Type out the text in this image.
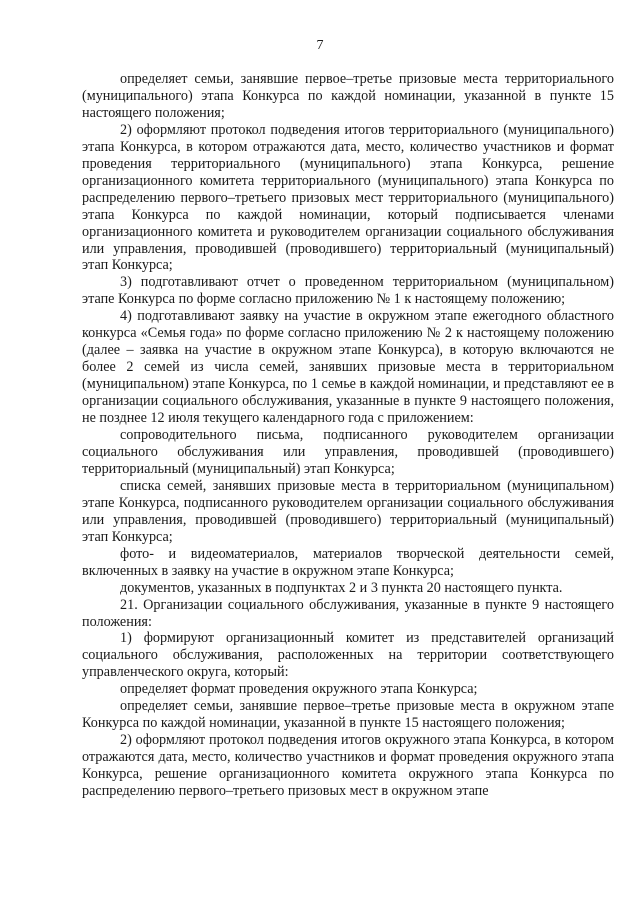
7

определяет семьи, занявшие первое–третье призовые места территориального (муниципального) этапа Конкурса по каждой номинации, указанной в пункте 15 настоящего положения;

2) оформляют протокол подведения итогов территориального (муниципального) этапа Конкурса, в котором отражаются дата, место, количество участников и формат проведения территориального (муниципального) этапа Конкурса, решение организационного комитета территориального (муниципального) этапа Конкурса по распределению первого–третьего призовых мест территориального (муниципального) этапа Конкурса по каждой номинации, который подписывается членами организационного комитета и руководителем организации социального обслуживания или управления, проводившей (проводившего) территориальный (муниципальный) этап Конкурса;

3) подготавливают отчет о проведенном территориальном (муниципальном) этапе Конкурса по форме согласно приложению № 1 к настоящему положению;

4) подготавливают заявку на участие в окружном этапе ежегодного областного конкурса «Семья года» по форме согласно приложению № 2 к настоящему положению (далее – заявка на участие в окружном этапе Конкурса), в которую включаются не более 2 семей из числа семей, занявших призовые места в территориальном (муниципальном) этапе Конкурса, по 1 семье в каждой номинации, и представляют ее в организации социального обслуживания, указанные в пункте 9 настоящего положения, не позднее 12 июля текущего календарного года с приложением:

сопроводительного письма, подписанного руководителем организации социального обслуживания или управления, проводившей (проводившего) территориальный (муниципальный) этап Конкурса;

списка семей, занявших призовые места в территориальном (муниципальном) этапе Конкурса, подписанного руководителем организации социального обслуживания или управления, проводившей (проводившего) территориальный (муниципальный) этап Конкурса;

фото- и видеоматериалов, материалов творческой деятельности семей, включенных в заявку на участие в окружном этапе Конкурса;

документов, указанных в подпунктах 2 и 3 пункта 20 настоящего пункта.

21. Организации социального обслуживания, указанные в пункте 9 настоящего положения:

1) формируют организационный комитет из представителей организаций социального обслуживания, расположенных на территории соответствующего управленческого округа, который:

определяет формат проведения окружного этапа Конкурса;

определяет семьи, занявшие первое–третье призовые места в окружном этапе Конкурса по каждой номинации, указанной в пункте 15 настоящего положения;

2) оформляют протокол подведения итогов окружного этапа Конкурса, в котором отражаются дата, место, количество участников и формат проведения окружного этапа Конкурса, решение организационного комитета окружного этапа Конкурса по распределению первого–третьего призовых мест в окружном этапе
